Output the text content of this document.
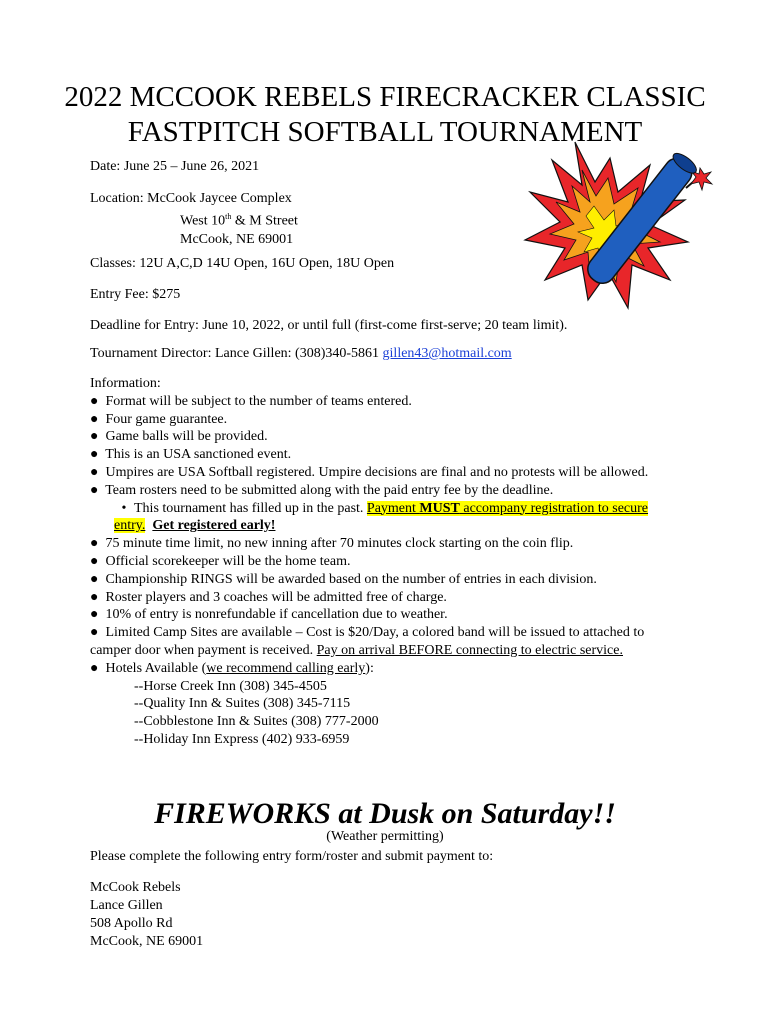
2022 MCCOOK REBELS FIRECRACKER CLASSIC
FASTPITCH SOFTBALL TOURNAMENT
Date: June 25 – June 26, 2021
Location: McCook Jaycee Complex
West 10th & M Street
McCook, NE 69001
Classes: 12U A,C,D 14U Open, 16U Open, 18U Open
Entry Fee: $275
Deadline for Entry: June 10, 2022, or until full (first-come first-serve; 20 team limit).
Tournament Director: Lance Gillen: (308)340-5861 gillen43@hotmail.com
Information:
● Format will be subject to the number of teams entered.
● Four game guarantee.
● Game balls will be provided.
● This is an USA sanctioned event.
● Umpires are USA Softball registered. Umpire decisions are final and no protests will be allowed.
● Team rosters need to be submitted along with the paid entry fee by the deadline.
• This tournament has filled up in the past. Payment MUST accompany registration to secure entry. Get registered early!
● 75 minute time limit, no new inning after 70 minutes clock starting on the coin flip.
● Official scorekeeper will be the home team.
● Championship RINGS will be awarded based on the number of entries in each division.
● Roster players and 3 coaches will be admitted free of charge.
● 10% of entry is nonrefundable if cancellation due to weather.
● Limited Camp Sites are available – Cost is $20/Day, a colored band will be issued to attached to camper door when payment is received. Pay on arrival BEFORE connecting to electric service.
● Hotels Available (we recommend calling early):
--Horse Creek Inn (308) 345-4505
--Quality Inn & Suites (308) 345-7115
--Cobblestone Inn & Suites (308) 777-2000
--Holiday Inn Express (402) 933-6959
FIREWORKS at Dusk on Saturday!!
(Weather permitting)
Please complete the following entry form/roster and submit payment to:
McCook Rebels
Lance Gillen
508 Apollo Rd
McCook, NE 69001
